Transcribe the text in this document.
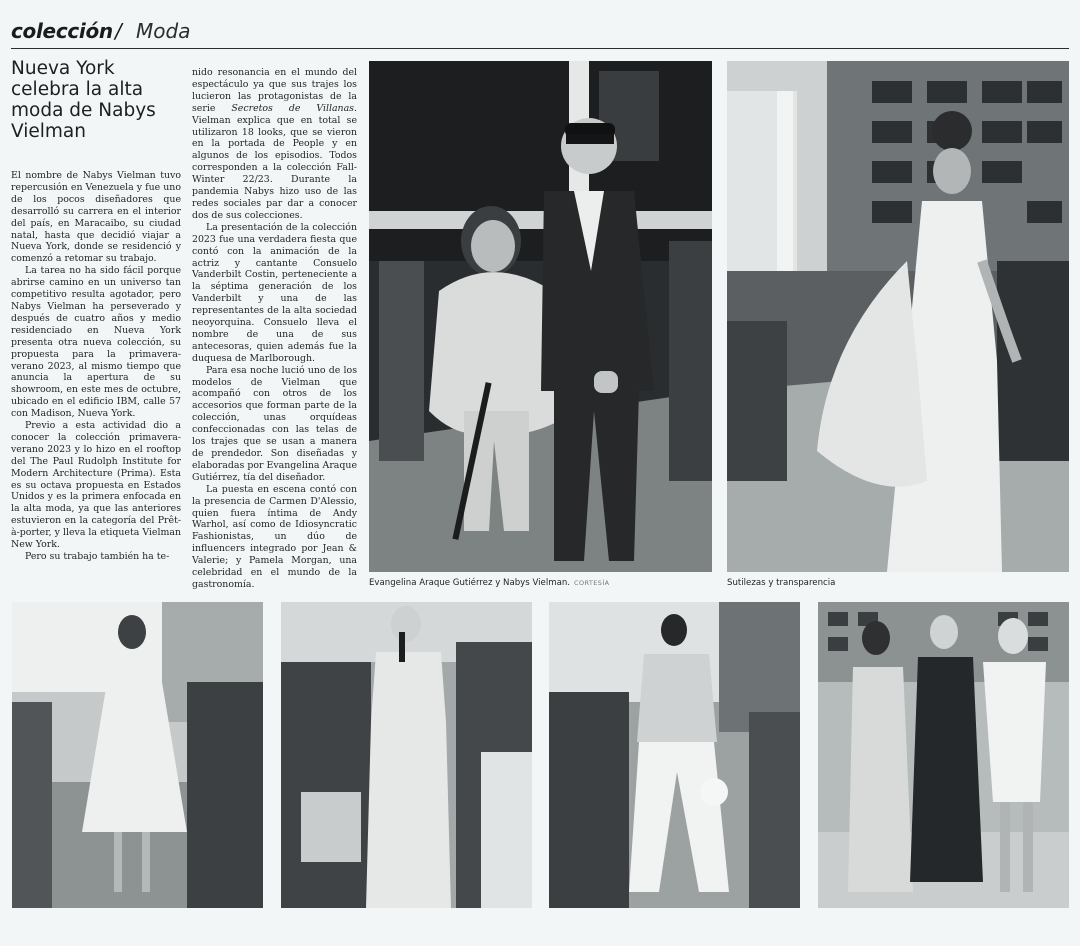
colección / Moda
Nueva York celebra la alta moda de Nabys Vielman

El nombre de Nabys Vielman tuvo repercusión en Venezuela y fue uno de los pocos diseñadores que desarrolló su carrera en el interior del país, en Maracaibo, su ciudad natal, hasta que decidió viajar a Nueva York, donde se residenció y comenzó a retomar su trabajo.

La tarea no ha sido fácil porque abrirse camino en un universo tan competitivo resulta agotador, pero Nabys Vielman ha perseverado y después de cuatro años y medio residenciado en Nueva York presenta otra nueva colección, su propuesta para la primavera-verano 2023, al mismo tiempo que anuncia la apertura de su showroom, en este mes de octubre, ubicado en el edificio IBM, calle 57 con Madison, Nueva York.

Previo a esta actividad dio a conocer la colección primavera-verano 2023 y lo hizo en el rooftop del The Paul Rudolph Institute for Modern Architecture (Prima). Esta es su octava propuesta en Estados Unidos y es la primera enfocada en la alta moda, ya que las anteriores estuvieron en la categoría del Prêt-à-porter, y lleva la etiqueta Vielman New York.

Pero su trabajo también ha te-

nido resonancia en el mundo del espectáculo ya que sus trajes los lucieron las protagonistas de la serie Secretos de Villanas. Vielman explica que en total se utilizaron 18 looks, que se vieron en la portada de People y en algunos de los episodios. Todos corresponden a la colección Fall-Winter 22/23. Durante la pandemia Nabys hizo uso de las redes sociales par dar a conocer dos de sus colecciones.

La presentación de la colección 2023 fue una verdadera fiesta que contó con la animación de la actriz y cantante Consuelo Vanderbilt Costin, perteneciente a la séptima generación de los Vanderbilt y una de las representantes de la alta sociedad neoyorquina. Consuelo lleva el nombre de una de sus antecesoras, quien además fue la duquesa de Marlborough.

Para esa noche lució uno de los modelos de Vielman que acompañó con otros de los accesorios que forman parte de la colección, unas orquídeas confeccionadas con las telas de los trajes que se usan a manera de prendedor. Son diseñadas y elaboradas por Evangelina Araque Gutiérrez, tía del diseñador.

La puesta en escena contó con la presencia de Carmen D'Alessio, quien fuera íntima de Andy Warhol, así como de Idiosyncratic Fashionistas, un dúo de influencers integrado por Jean & Valerie; y Pamela Morgan, una celebridad en el mundo de la gastronomía.	Evangelina Araque Gutiérrez y Nabys Vielman. CORTESÍA	Sutilezas y transparencia
